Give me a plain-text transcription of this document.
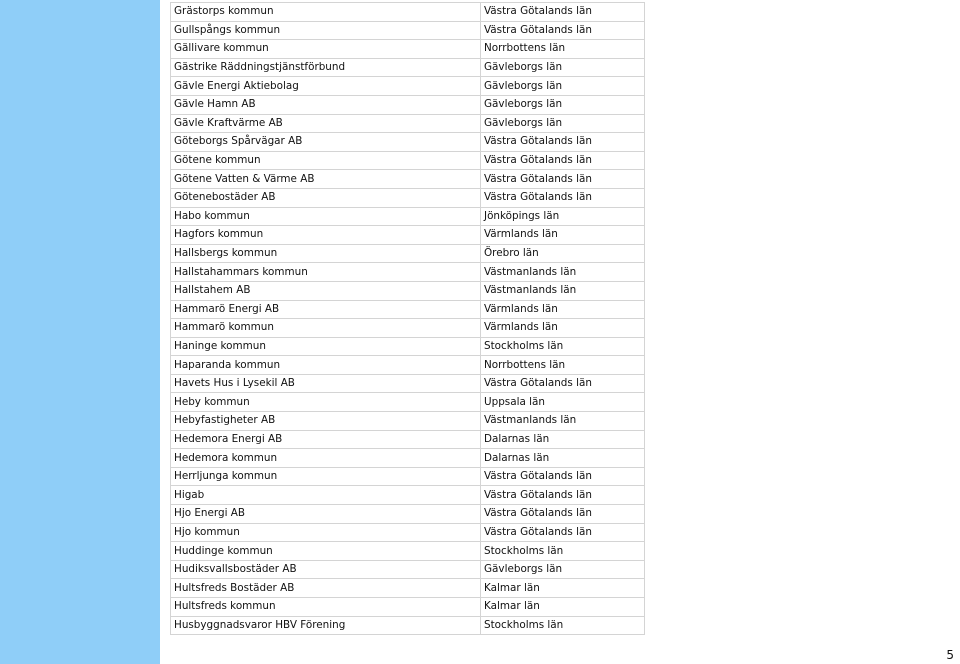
Grästorps kommun	Västra Götalands län
Gullspångs kommun	Västra Götalands län
Gällivare kommun	Norrbottens län
Gästrike Räddningstjänstförbund	Gävleborgs län
Gävle Energi Aktiebolag	Gävleborgs län
Gävle Hamn AB	Gävleborgs län
Gävle Kraftvärme AB	Gävleborgs län
Göteborgs Spårvägar AB	Västra Götalands län
Götene kommun	Västra Götalands län
Götene Vatten & Värme AB	Västra Götalands län
Götenebostäder AB	Västra Götalands län
Habo kommun	Jönköpings län
Hagfors kommun	Värmlands län
Hallsbergs kommun	Örebro län
Hallstahammars kommun	Västmanlands län
Hallstahem AB	Västmanlands län
Hammarö Energi AB	Värmlands län
Hammarö kommun	Värmlands län
Haninge kommun	Stockholms län
Haparanda kommun	Norrbottens län
Havets Hus i Lysekil AB	Västra Götalands län
Heby kommun	Uppsala län
Hebyfastigheter AB	Västmanlands län
Hedemora Energi AB	Dalarnas län
Hedemora kommun	Dalarnas län
Herrljunga kommun	Västra Götalands län
Higab	Västra Götalands län
Hjo Energi AB	Västra Götalands län
Hjo kommun	Västra Götalands län
Huddinge kommun	Stockholms län
Hudiksvallsbostäder AB	Gävleborgs län
Hultsfreds Bostäder AB	Kalmar län
Hultsfreds kommun	Kalmar län
Husbyggnadsvaror HBV Förening	Stockholms län
5
